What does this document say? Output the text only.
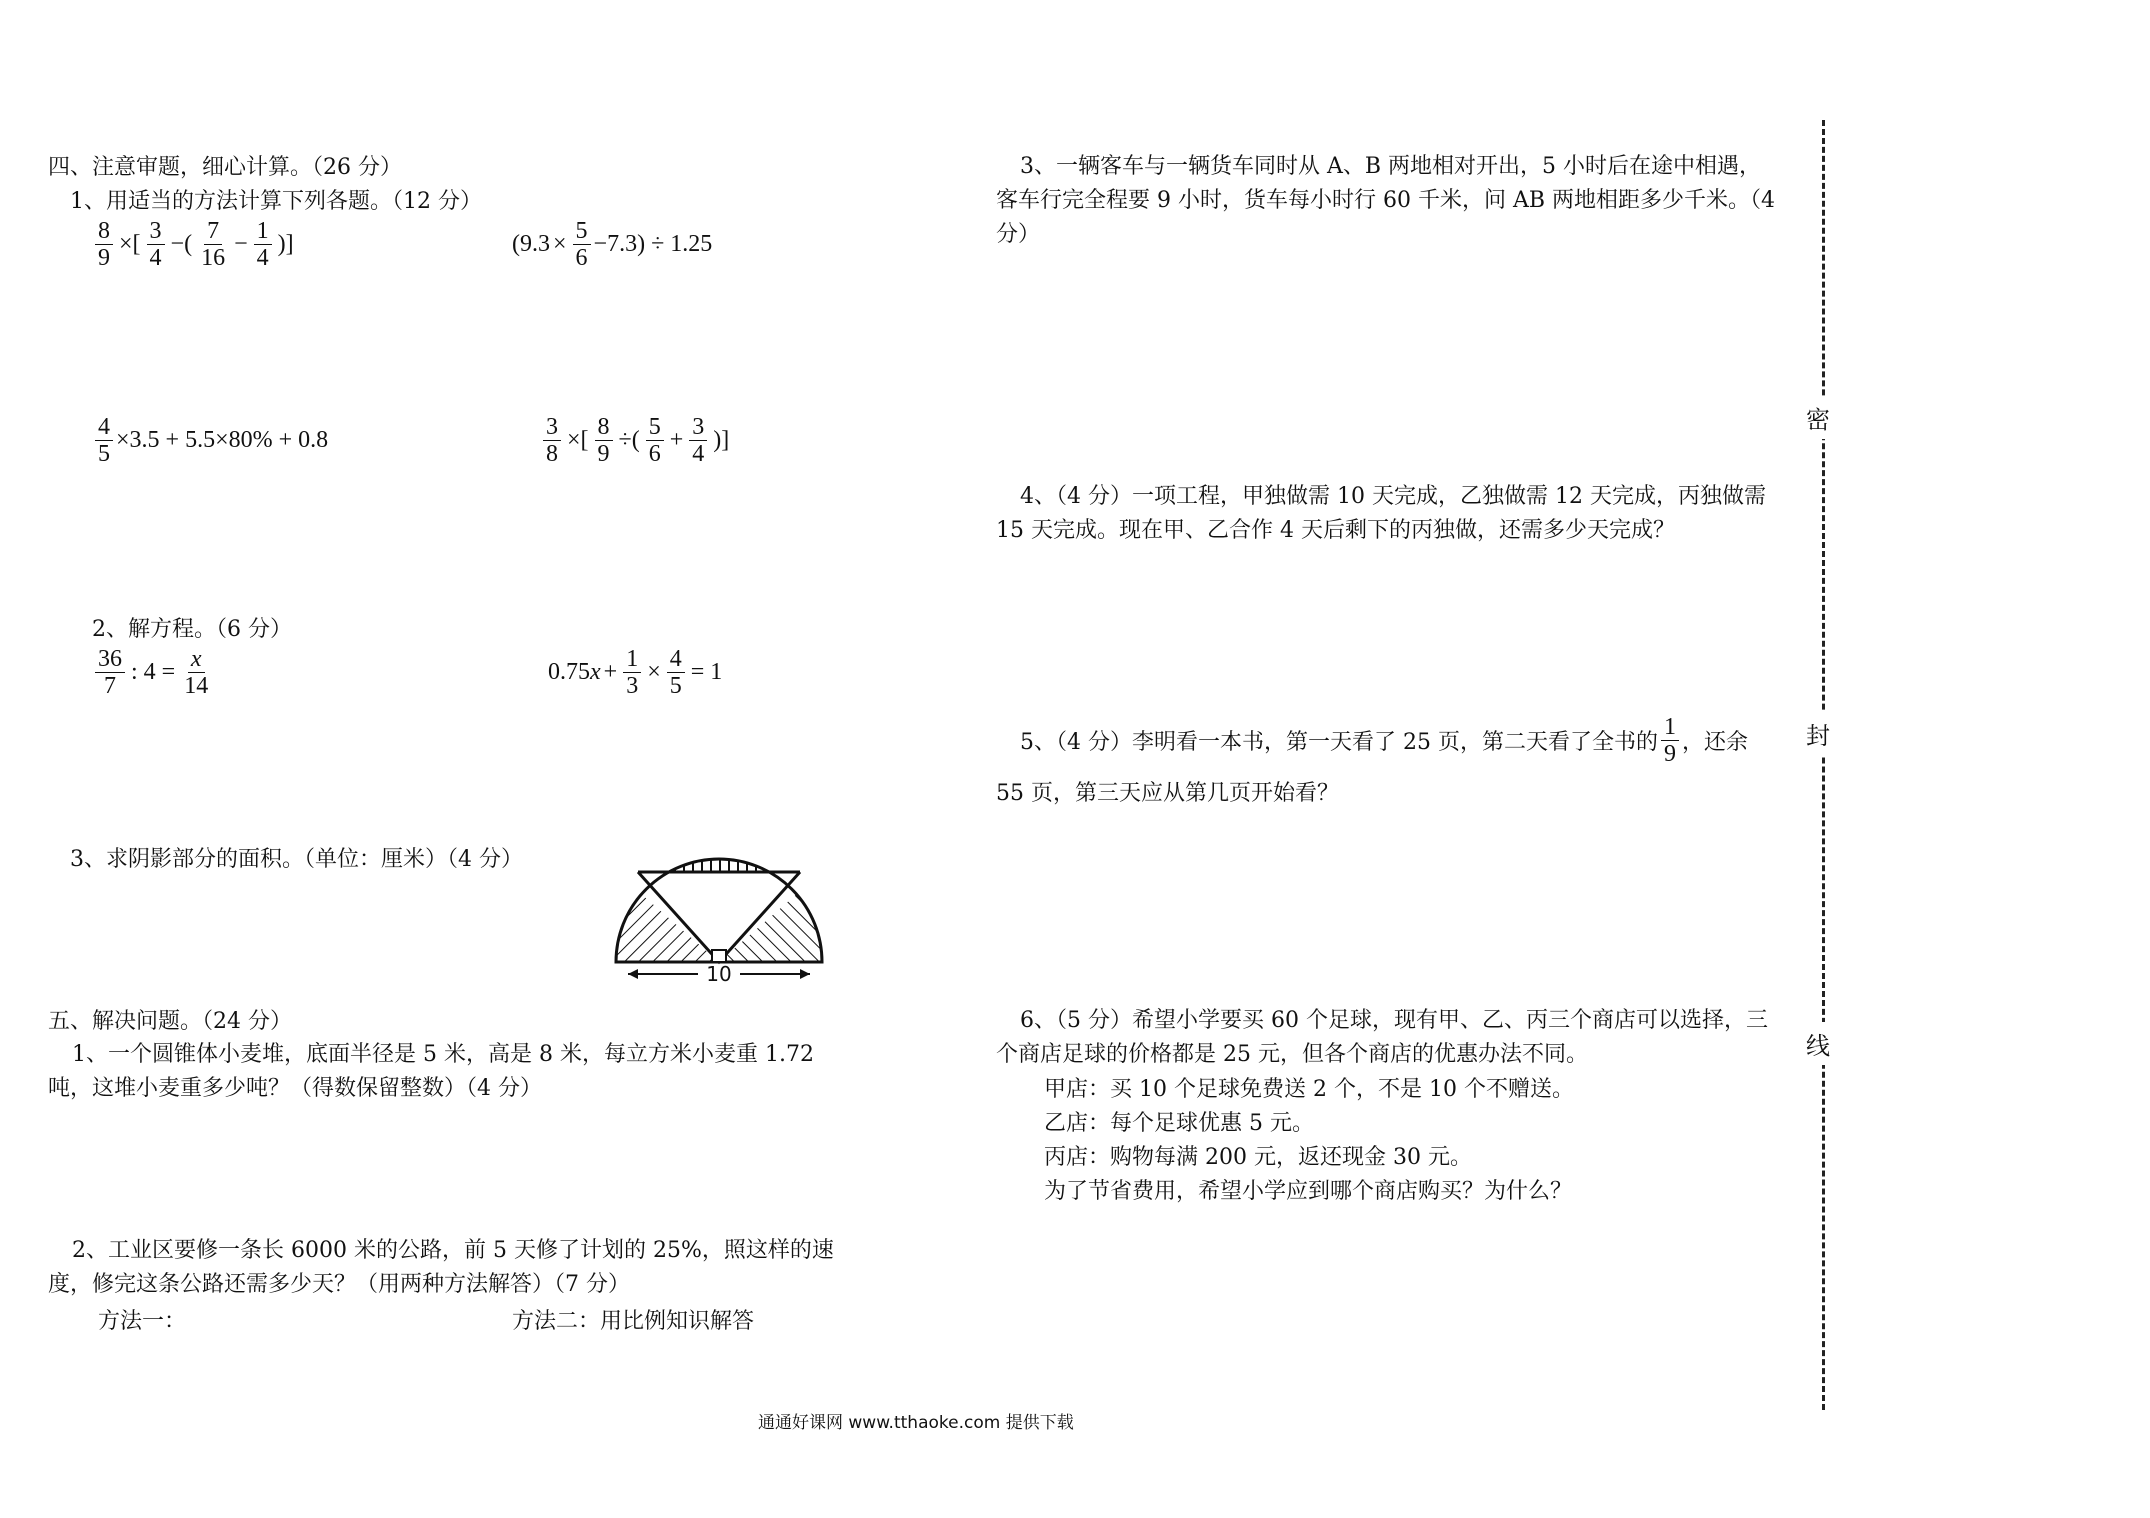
四、注意审题，细心计算。（26 分）
1、用适当的方法计算下列各题。（12 分）
$\frac{8}{9}$ ×[ $\frac{3}{4}$ −( $\frac{7}{16} - \frac{1}{4}$ )]	$(9.3 \times \frac{5}{6} -7.3) \div 1.25$
$\frac{4}{5} \times 3.5 + 5.5\times 80\% + 0.8$	$\frac{3}{8}$ ×[ $\frac{8}{9}$ ÷( $\frac{5}{6} + \frac{3}{4}$ )]
2、解方程。（6 分）
$\frac{36}{7}$ : $4 = \frac{x}{14}$	0.75 $x + \frac{1}{3} \times \frac{4}{5} = 1$
3、求阴影部分的面积。（单位：厘米）（4 分）
10
五、解决问题。（24 分）
1、一个圆锥体小麦堆，底面半径是 5 米，高是 8 米，每立方米小麦重 1.72 吨，这堆小麦重多少吨？（得数保留整数）（4 分）
2、工业区要修一条长 6000 米的公路，前 5 天修了计划的 25%，照这样的速度，修完这条公路还需多少天？（用两种方法解答）（7 分）
方法一：	方法二：用比例知识解答
3、一辆客车与一辆货车同时从 A、B 两地相对开出，5 小时后在途中相遇，客车行完全程要 9 小时，货车每小时行 60 千米，问 AB 两地相距多少千米。（4 分）
4、（4 分）一项工程，甲独做需 10 天完成，乙独做需 12 天完成，丙独做需 15 天完成。现在甲、乙合作 4 天后剩下的丙独做，还需多少天完成？
5、（4 分）李明看一本书，第一天看了 25 页，第二天看了全书的 $\frac{1}{9}$ ，还余
55 页，第三天应从第几页开始看？
6、（5 分）希望小学要买 60 个足球，现有甲、乙、丙三个商店可以选择，三个商店足球的价格都是 25 元，但各个商店的优惠办法不同。
甲店：买 10 个足球免费送 2 个，不是 10 个不赠送。
乙店：每个足球优惠 5 元。
丙店：购物每满 200 元，返还现金 30 元。
为了节省费用，希望小学应到哪个商店购买？为什么？
密
封
线
通通好课网 www.tthaoke.com 提供下载
